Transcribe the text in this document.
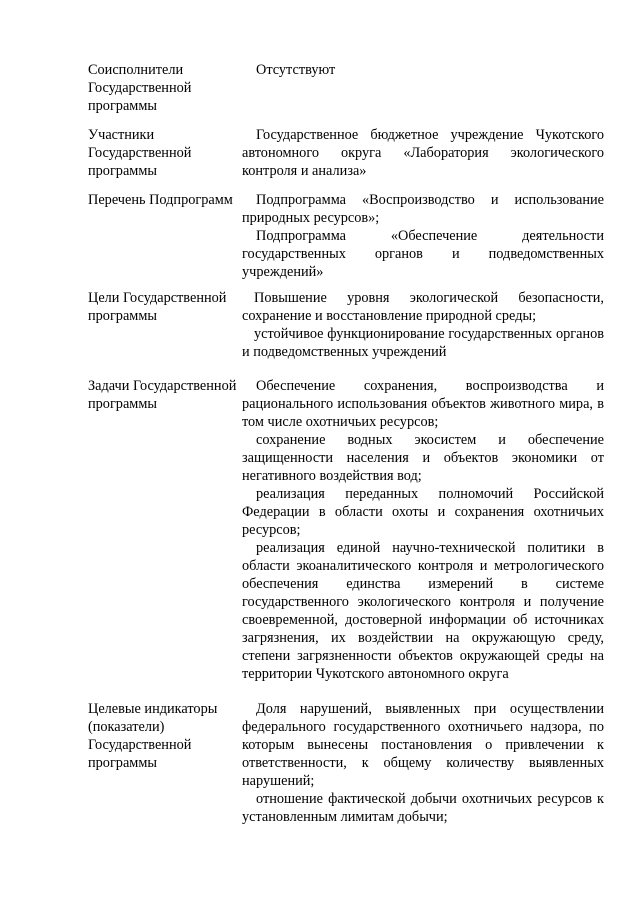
Соисполнители Государственной программы

Отсутствуют

Участники Государственной программы

Государственное бюджетное учреждение Чукотского автономного округа «Лаборатория экологического контроля и анализа»

Перечень Подпрограмм	Подпрограмма «Воспроизводство и использование природных ресурсов»;

Подпрограмма «Обеспечение деятельности государственных органов и подведомственных учреждений»

Цели Государственной программы

Повышение уровня экологической безопасности, сохранение и восстановление природной среды;

устойчивое функционирование государственных органов и подведомственных учреждений

Задачи Государственной программы

Обеспечение сохранения, воспроизводства и рационального использования объектов животного мира, в том числе охотничьих ресурсов;

сохранение водных экосистем и обеспечение защищенности населения и объектов экономики от негативного воздействия вод;

реализация переданных полномочий Российской Федерации в области охоты и сохранения охотничьих ресурсов;

реализация единой научно-технической политики в области экоаналитического контроля и метрологического обеспечения единства измерений в системе государственного экологического контроля и получение своевременной, достоверной информации об источниках загрязнения, их воздействии на окружающую среду, степени загрязненности объектов окружающей среды на территории Чукотского автономного округа

Целевые индикаторы (показатели) Государственной программы

Доля нарушений, выявленных при осуществлении федерального государственного охотничьего надзора, по которым вынесены постановления о привлечении к ответственности, к общему количеству выявленных нарушений;

отношение фактической добычи охотничьих ресурсов к установленным лимитам добычи;
